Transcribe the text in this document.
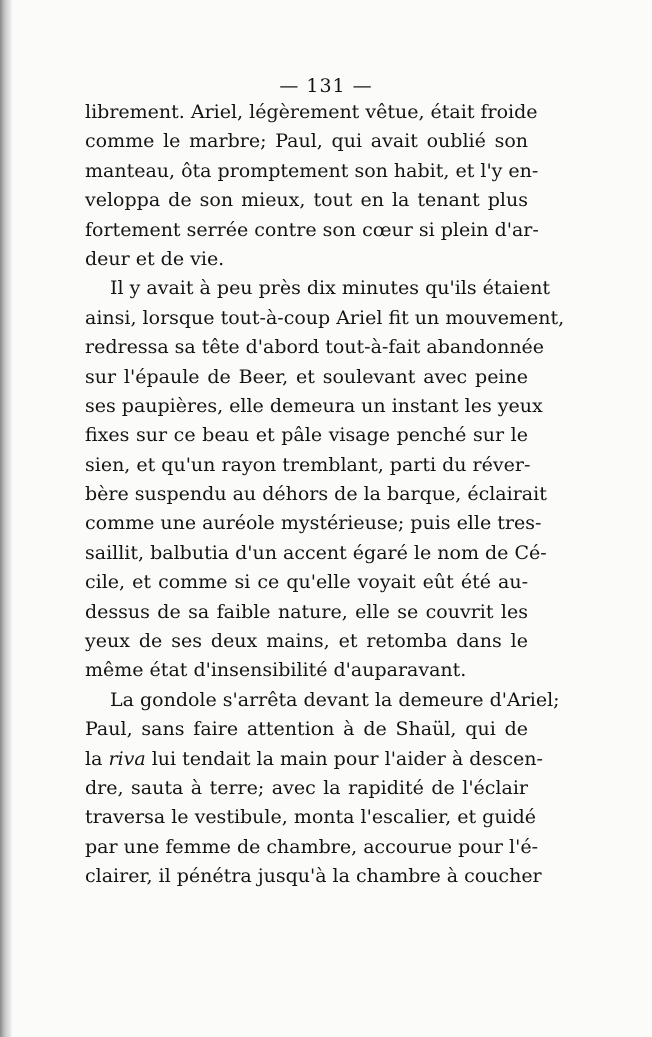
— 131 —
librement. Ariel, légèrement vêtue, était froide
comme le marbre; Paul, qui avait oublié son
manteau, ôta promptement son habit, et l'y en-
veloppa de son mieux, tout en la tenant plus
fortement serrée contre son cœur si plein d'ar-
deur et de vie.
Il y avait à peu près dix minutes qu'ils étaient
ainsi, lorsque tout-à-coup Ariel fit un mouvement,
redressa sa tête d'abord tout-à-fait abandonnée
sur l'épaule de Beer, et soulevant avec peine
ses paupières, elle demeura un instant les yeux
fixes sur ce beau et pâle visage penché sur le
sien, et qu'un rayon tremblant, parti du réver-
bère suspendu au déhors de la barque, éclairait
comme une auréole mystérieuse; puis elle tres-
saillit, balbutia d'un accent égaré le nom de Cé-
cile, et comme si ce qu'elle voyait eût été au-
dessus de sa faible nature, elle se couvrit les
yeux de ses deux mains, et retomba dans le
même état d'insensibilité d'auparavant.
La gondole s'arrêta devant la demeure d'Ariel;
Paul, sans faire attention à de Shaül, qui de
la riva lui tendait la main pour l'aider à descen-
dre, sauta à terre; avec la rapidité de l'éclair
traversa le vestibule, monta l'escalier, et guidé
par une femme de chambre, accourue pour l'é-
clairer, il pénétra jusqu'à la chambre à coucher
